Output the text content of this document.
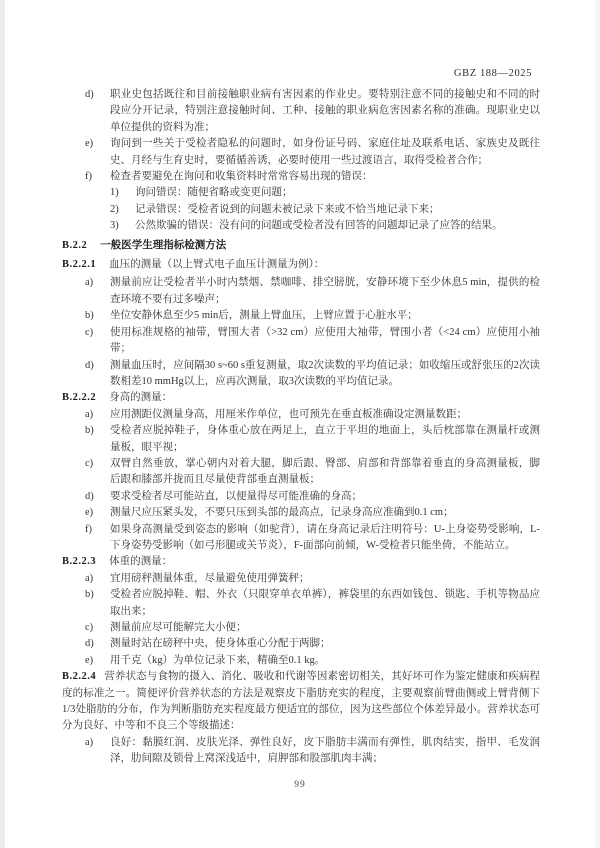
GBZ 188—2025
d)	职业史包括既往和目前接触职业病有害因素的作业史。要特别注意不同的接触史和不同的时段应分开记录，特别注意接触时间、工种、接触的职业病危害因素名称的准确。现职业史以单位提供的资料为准；
e)	询问到一些关于受检者隐私的问题时，如身份证号码、家庭住址及联系电话、家族史及既往史、月经与生育史时，要循循善诱，必要时使用一些过渡语言，取得受检者合作；
f)	检查者要避免在询问和收集资料时常常容易出现的错误：
1)	询问错误：随便省略或变更问题；
2)	记录错误：受检者说到的问题未被记录下来或不恰当地记录下来；
3)	公然欺骗的错误：没有问的问题或受检者没有回答的问题却记录了应答的结果。
B.2.2 一般医学生理指标检测方法
B.2.2.1 血压的测量（以上臂式电子血压计测量为例）：
a)	测量前应让受检者半小时内禁烟、禁咖啡、排空膀胱，安静环境下至少休息5 min，提供的检查环境不要有过多噪声；
b)	坐位安静休息至少5 min后，测量上臂血压，上臂应置于心脏水平；
c)	使用标准规格的袖带，臂围大者（>32 cm）应使用大袖带，臂围小者（<24 cm）应使用小袖带；
d)	测量血压时，应间隔30 s~60 s重复测量，取2次读数的平均值记录；如收缩压或舒张压的2次读数相差10 mmHg以上，应再次测量，取3次读数的平均值记录。
B.2.2.2 身高的测量：
a)	应用测距仪测量身高，用厘米作单位，也可预先在垂直板准确设定测量数距；
b)	受检者应脱掉鞋子，身体重心放在两足上，直立于平坦的地面上，头后枕部靠在测量杆或测量板，眼平视；
c)	双臂自然垂放，掌心朝内对着大腿，脚后跟、臀部、肩部和背部靠着垂直的身高测量板，脚后跟和膝部并拢而且尽量使背部垂直测量板；
d)	要求受检者尽可能站直，以便量得尽可能准确的身高；
e)	测量尺应压紧头发，不要只压到头部的最高点，记录身高应准确到0.1 cm；
f)	如果身高测量受到姿态的影响（如驼背），请在身高记录后注明符号：U-上身姿势受影响，L-下身姿势受影响（如弓形腿或关节炎），F-面部向前倾，W-受检者只能坐倚，不能站立。
B.2.2.3 体重的测量：
a)	宜用磅秤测量体重，尽量避免使用弹簧秤；
b)	受检者应脱掉鞋、帽、外衣（只限穿单衣单裤），裤袋里的东西如钱包、锁匙、手机等物品应取出来；
c)	测量前应尽可能解完大小便；
d)	测量时站在磅秤中央，使身体重心分配于两脚；
e)	用千克（kg）为单位记录下来，精确至0.1 kg。
B.2.2.4 营养状态与食物的摄入、消化、吸收和代谢等因素密切相关，其好坏可作为鉴定健康和疾病程度的标准之一。简便评价营养状态的方法是观察皮下脂肪充实的程度，主要观察前臂曲侧或上臂背侧下1/3处脂肪的分布，作为判断脂肪充实程度最方便适宜的部位，因为这些部位个体差异最小。营养状态可分为良好、中等和不良三个等级描述：
a)	良好：黏膜红润、皮肤光泽、弹性良好，皮下脂肪丰满而有弹性，肌肉结实，指甲、毛发润泽，肋间隙及锁骨上窝深浅适中，肩胛部和股部肌肉丰满；
99
